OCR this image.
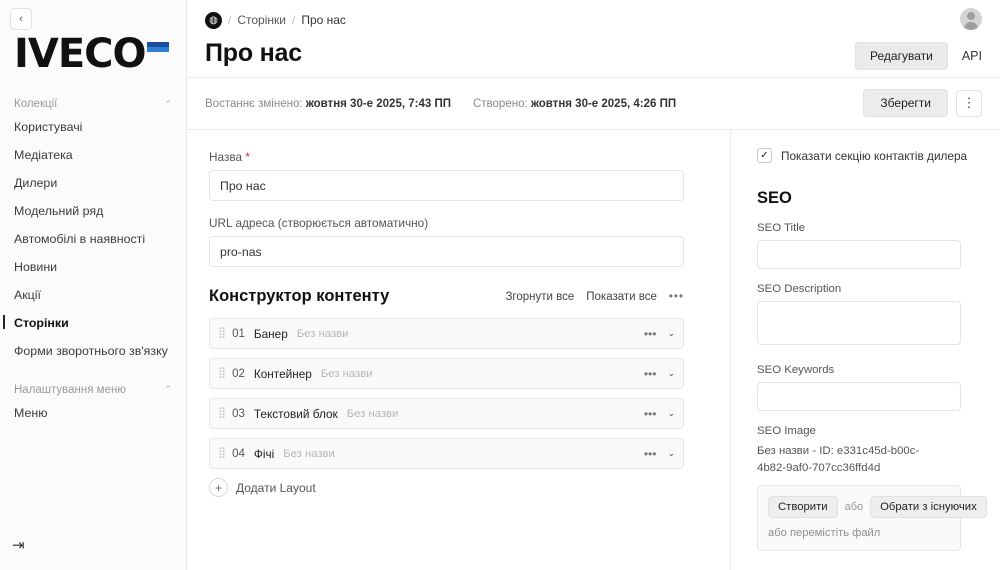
‹
IVECO
Колекції	⌃
Користувачі
Медіатека
Дилери
Модельний ряд
Автомобілі в наявності
Новини
Акції
Сторінки
Форми зворотнього зв'язку
Налаштування меню	⌃
Меню
⇥
◍ / Сторінки / Про нас
Про нас	Редагувати	API
Востаннє змінено: жовтня 30-е 2025, 7:43 ПП Створено: жовтня 30-е 2025, 4:26 ПП	Зберегти	⋮
Назва *
Про нас
URL адреса (створюється автоматично)
pro-nas
Конструктор контенту	Згорнути все Показати все •••
⣿ 01 Банер Без назви	••• ⌄
⣿ 02 Контейнер Без назви	••• ⌄
⣿ 03 Текстовий блок Без назви	••• ⌄
⣿ 04 Фічі Без назви	••• ⌄
+	Додати Layout
✓ Показати секцію контактів дилера
SEO
SEO Title
SEO Description
SEO Keywords
SEO Image
Без назви - ID: e331c45d-b00c-4b82-9af0-707cc36ffd4d
Створити	або	Обрати з існуючих
або перемістіть файл
